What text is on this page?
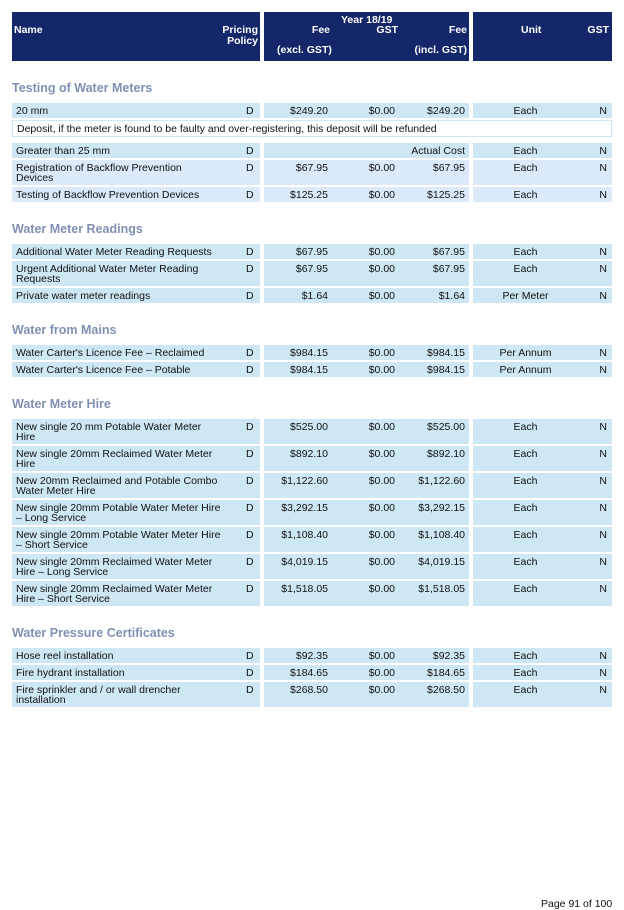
Name	Pricing
Policy
Year 18/19
Fee
(excl. GST)
GST	Fee
(incl. GST)
Unit	GST
Testing of Water Meters
20 mm	D	$249.20	$0.00	$249.20	Each	N
Deposit, if the meter is found to be faulty and over-registering, this deposit will be refunded
Greater than 25 mm	D	Actual Cost	Each	N
Registration of Backflow Prevention Devices
D	$67.95	$0.00	$67.95	Each	N
Testing of Backflow Prevention Devices	D	$125.25	$0.00	$125.25	Each	N
Water Meter Readings
Additional Water Meter Reading Requests	D	$67.95	$0.00	$67.95	Each	N
Urgent Additional Water Meter Reading Requests
D	$67.95	$0.00	$67.95	Each	N
Private water meter readings	D	$1.64	$0.00	$1.64	Per Meter	N
Water from Mains
Water Carter's Licence Fee – Reclaimed	D	$984.15	$0.00	$984.15	Per Annum	N
Water Carter's Licence Fee – Potable	D	$984.15	$0.00	$984.15	Per Annum	N
Water Meter Hire
New single 20 mm Potable Water Meter Hire
D	$525.00	$0.00	$525.00	Each	N
New single 20mm Reclaimed Water Meter Hire
D	$892.10	$0.00	$892.10	Each	N
New 20mm Reclaimed and Potable Combo Water Meter Hire
D	$1,122.60	$0.00 $1,122.60	Each	N
New single 20mm Potable Water Meter Hire – Long Service
D	$3,292.15	$0.00 $3,292.15	Each	N
New single 20mm Potable Water Meter Hire – Short Service
D	$1,108.40	$0.00 $1,108.40	Each	N
New single 20mm Reclaimed Water Meter Hire – Long Service
D	$4,019.15	$0.00 $4,019.15	Each	N
New single 20mm Reclaimed Water Meter Hire – Short Service
D	$1,518.05	$0.00 $1,518.05	Each	N
Water Pressure Certificates
Hose reel installation	D	$92.35	$0.00	$92.35	Each	N
Fire hydrant installation	D	$184.65	$0.00	$184.65	Each	N
Fire sprinkler and / or wall drencher installation
D	$268.50	$0.00	$268.50	Each	N
Page 91 of 100
